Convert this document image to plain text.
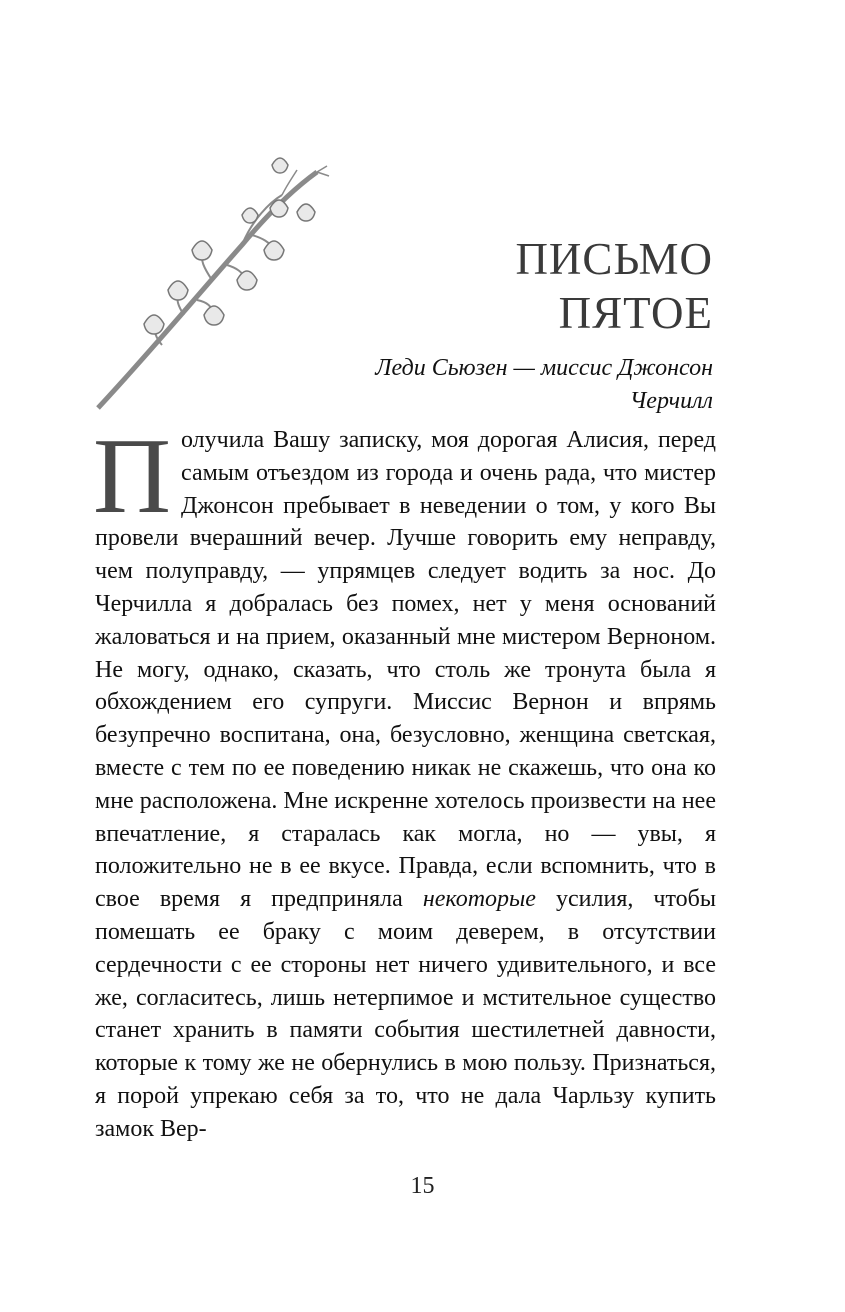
ПИСЬМО
ПЯТОЕ
Леди Сьюзен — миссис Джонсон
Черчилл
Получила Вашу записку, моя дорогая Алисия, перед самым отъездом из города и очень рада, что мистер Джонсон пребывает в неведении о том, у кого Вы провели вчерашний вечер. Лучше говорить ему неправду, чем полуправду, — упрямцев следует водить за нос. До Черчилла я добралась без помех, нет у меня оснований жаловаться и на прием, оказанный мне мистером Верноном. Не могу, однако, сказать, что столь же тронута была я обхождением его супруги. Миссис Вернон и впрямь безупречно воспитана, она, безусловно, женщина светская, вместе с тем по ее поведению никак не скажешь, что она ко мне расположена. Мне искренне хотелось произвести на нее впечатление, я старалась как могла, но — увы, я положительно не в ее вкусе. Правда, если вспомнить, что в свое время я предприняла некоторые усилия, чтобы помешать ее браку с моим деверем, в отсутствии сердечности с ее стороны нет ничего удивительного, и все же, согласитесь, лишь нетерпимое и мстительное существо станет хранить в памяти события шестилетней давности, которые к тому же не обернулись в мою пользу. Признаться, я порой упрекаю себя за то, что не дала Чарльзу купить замок Вер-
15
